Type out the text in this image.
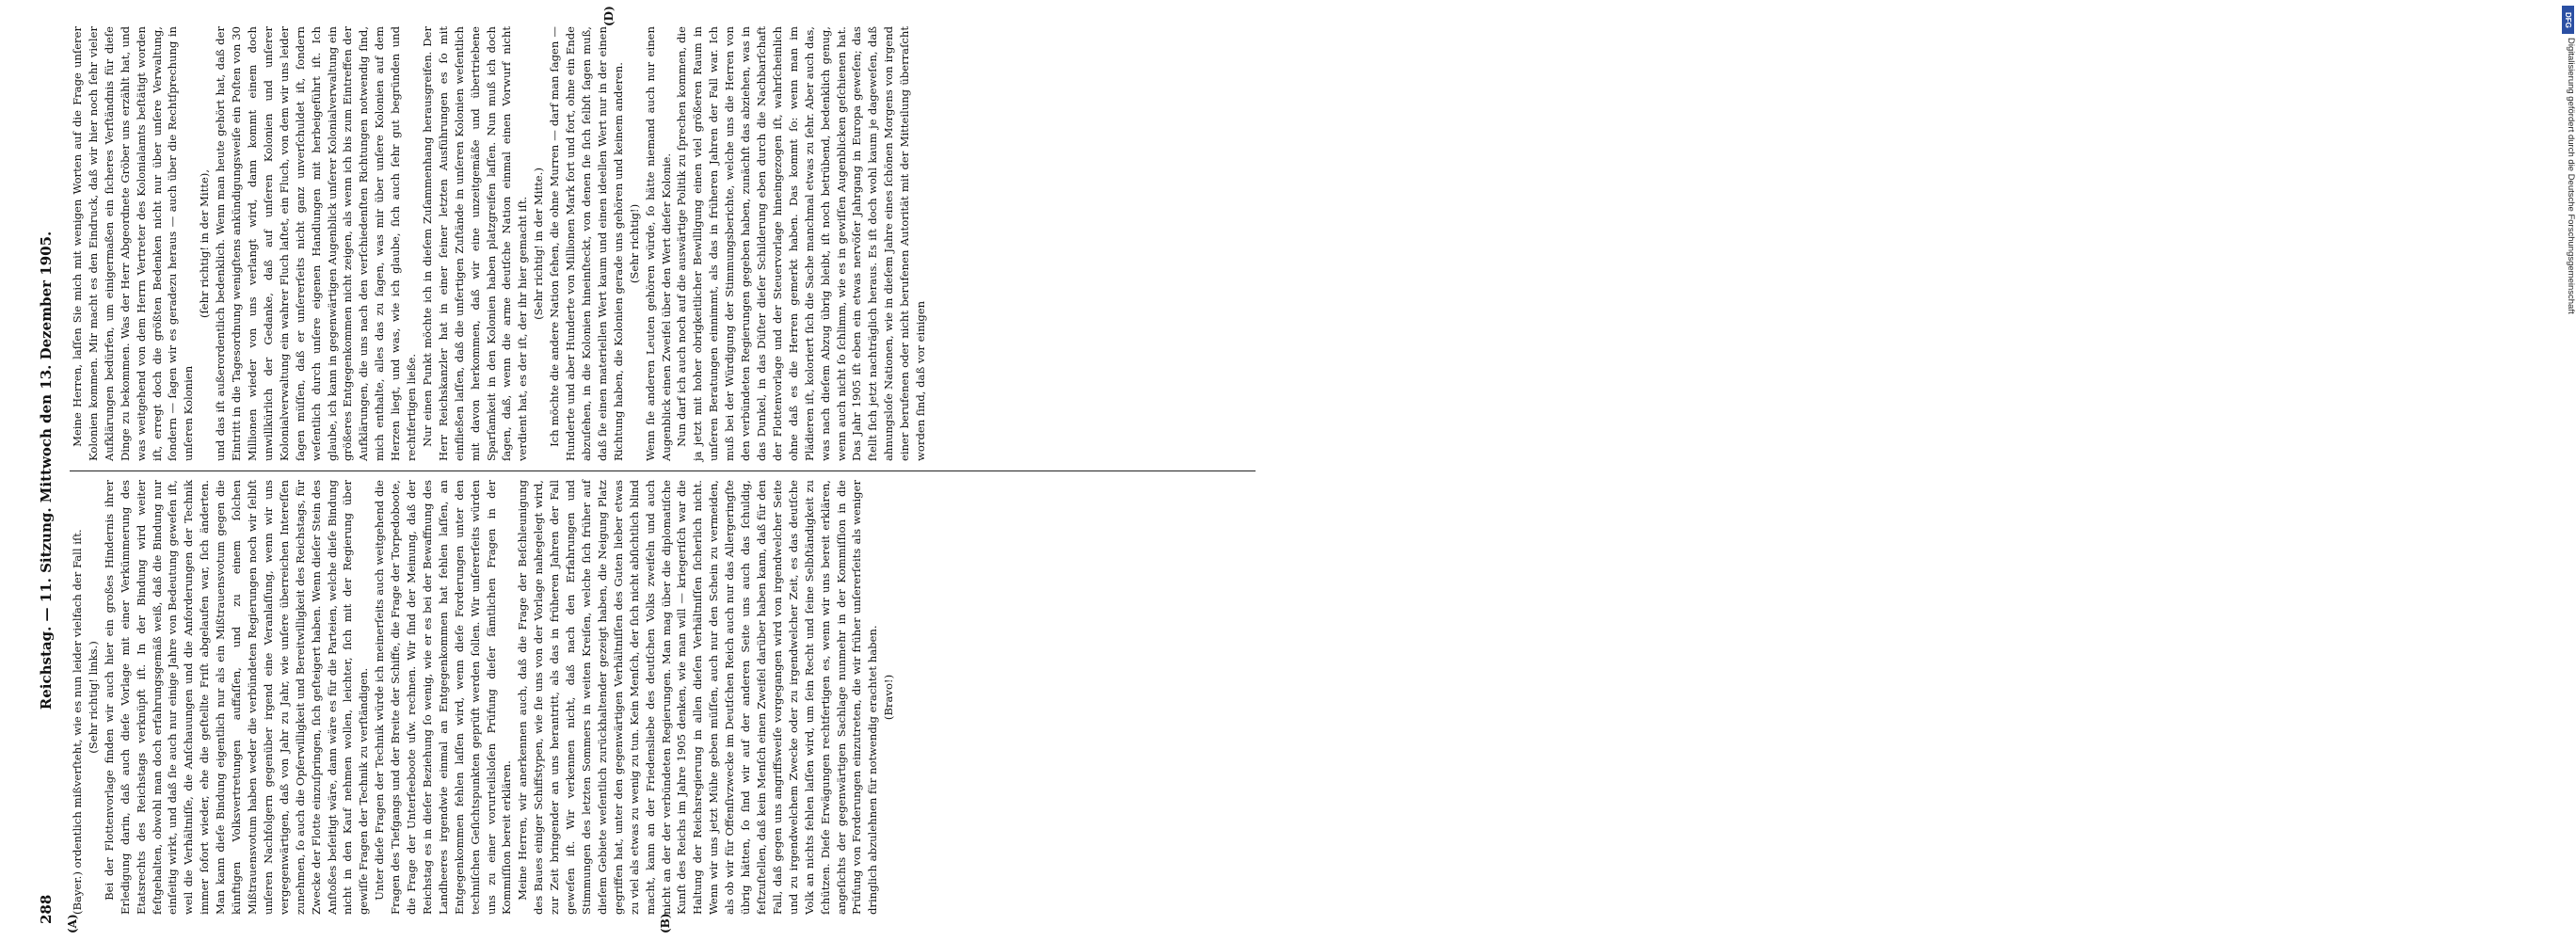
288
Reichstag. — 11. Sitzung. Mittwoch den 13. Dezember 1905.
(A)	(B)
(D)

(Bayer.) ordentlich mißverſteht, wie es nun leider vielfach der Fall iſt. (Sehr richtig! links.) Bei der Flottenvorlage finden wir auch hier ein großes Hindernis ihrer Erledigung darin, daß auch dieſe Vorlage mit einer Verkümmerung des Etatsrechts des Reichstags verknüpft iſt. In der Bindung wird weiter feſtgehalten, obwohl man doch erfahrungsgemäß weiß, daß die Bindung nur einſeitig wirkt, und daß ſie auch nur einige Jahre von Bedeutung geweſen iſt, weil die Verhältniſſe, die Anſchauungen und die Anforderungen der Technik immer ſofort wieder, ehe die geſtellte Friſt abgelaufen war, ſich änderten. Man kann dieſe Bindung eigentlich nur als ein Mißtrauensvotum gegen die künftigen Volksvertretungen auffaſſen, und zu einem ſolchen Mißtrauensvotum haben weder die verbündeten Regierungen noch wir ſelbſt unſeren Nachfolgern gegenüber irgend eine Veranlaſſung, wenn wir uns vergegenwärtigen, daß von Jahr zu Jahr, wie unſere überreichen Intereſſen zunehmen, ſo auch die Opferwilligkeit und Bereitwilligkeit des Reichstags, für Zwecke der Flotte einzuſpringen, ſich geſteigert haben. Wenn dieſer Stein des Anſtoßes beſeitigt wäre, dann wäre es für die Parteien, welche dieſe Bindung nicht in den Kauf nehmen wollen, leichter, ſich mit der Regierung über gewiſſe Fragen der Technik zu verſtändigen. Unter dieſe Fragen der Technik würde ich meinerſeits auch weitgehend die Fragen des Tiefgangs und der Breite der Schiffe, die Frage der Torpedoboote, die Frage der Unterſeeboote uſw. rechnen. Wir ſind der Meinung, daß der Reichstag es in dieſer Beziehung ſo wenig, wie er es bei der Bewaffnung des Landheeres irgendwie einmal an Entgegenkommen hat fehlen laſſen, an Entgegenkommen fehlen laſſen wird, wenn dieſe Forderungen unter den techniſchen Geſichtspunkten geprüft werden ſollen. Wir unſererſeits würden uns zu einer vorurteilsloſen Prüfung dieſer ſämtlichen Fragen in der Kommiſſion bereit erklären. Meine Herren, wir anerkennen auch, daß die Frage der Beſchleunigung des Baues einiger Schiffstypen, wie ſie uns von der Vorlage nahegelegt wird, zur Zeit bringender an uns herantritt, als das in früheren Jahren der Fall geweſen iſt. Wir verkennen nicht, daß nach den Erfahrungen und Stimmungen des letzten Sommers in weiten Kreiſen, welche ſich früher auf dieſem Gebiete weſentlich zurückhaltender gezeigt haben, die Neigung Platz gegriffen hat, unter den gegenwärtigen Verhältniſſen des Guten lieber etwas zu viel als etwas zu wenig zu tun. Kein Menſch, der ſich nicht abſichtlich blind macht, kann an der Friedensliebe des deutſchen Volks zweifeln und auch nicht an der der verbündeten Regierungen. Man mag über die diplomatiſche Kunſt des Reichs im Jahre 1905 denken, wie man will — kriegeriſch war die Haltung der Reichsregierung in allen dieſen Verhältniſſen ſicherlich nicht. Wenn wir uns jetzt Mühe geben müſſen, auch nur den Schein zu vermeiden, als ob wir für Offenſivzwecke im Deutſchen Reich auch nur das Allergeringſte übrig hätten, ſo ſind wir auf der anderen Seite uns auch das ſchuldig, feſtzuſtellen, daß kein Menſch einen Zweifel darüber haben kann, daß für den Fall, daß gegen uns angriffsweiſe vorgegangen wird von irgendwelcher Seite und zu irgendwelchem Zwecke oder zu irgendwelcher Zeit, es das deutſche Volk an nichts fehlen laſſen wird, um ſein Recht und ſeine Selbſtändigkeit zu ſchützen. Dieſe Erwägungen rechtfertigen es, wenn wir uns bereit erklären, angeſichts der gegenwärtigen Sachlage nunmehr in der Kommiſſion in die Prüfung von Forderungen einzutreten, die wir früher unſererſeits als weniger dringlich abzulehnen für notwendig erachtet haben. (Bravo!)

Meine Herren, laſſen Sie mich mit wenigen Worten auf die Frage unſerer Kolonien kommen. Mir macht es den Eindruck, daß wir hier noch ſehr vieler Aufklärungen bedürfen, um einigermaßen ein ſicheres Verſtändnis für dieſe Dinge zu bekommen. Was der Herr Abgeordnete Gröber uns erzählt hat, und was weitgehend von dem Herrn Vertreter des Kolonialamts beſtätigt worden iſt, erregt doch die größten Bedenken nicht nur über unſere Verwaltung, ſondern — ſagen wir es geradezu heraus — auch über die Rechtſprechung in unſeren Kolonien

(ſehr richtig! in der Mitte), und das iſt außerordentlich bedenklich. Wenn man heute gehört hat, daß der Eintritt in die Tagesordnung wenigſtens ankündigungsweiſe ein Poſten von 30 Millionen wieder von uns verlangt wird, dann kommt einem doch unwillkürlich der Gedanke, daß auf unſeren Kolonien und unſerer Kolonialverwaltung ein wahrer Fluch laſtet, ein Fluch, von dem wir uns leider ſagen müſſen, daß er unſererſeits nicht ganz unverſchuldet iſt, ſondern weſentlich durch unſere eigenen Handlungen mit herbeigeführt iſt. Ich glaube, ich kann in gegenwärtigen Augenblick unſerer Kolonialverwaltung ein größeres Entgegenkommen nicht zeigen, als wenn ich bis zum Eintreffen der Aufklärungen, die uns nach den verſchiedenſten Richtungen notwendig ſind, mich enthalte, alles das zu ſagen, was mir über unſere Kolonien auf dem Herzen liegt, und was, wie ich glaube, ſich auch ſehr gut begründen und rechtfertigen ließe. Nur einen Punkt möchte ich in dieſem Zuſammenhang herausgreifen. Der Herr Reichskanzler hat in einer ſeiner letzten Ausführungen es ſo mit einfließen laſſen, daß die unfertigen Zuſtände in unſeren Kolonien weſentlich mit davon herkommen, daß wir eine unzeitgemäße und übertriebene Sparſamkeit in den Kolonien haben platzgreifen laſſen. Nun muß ich doch ſagen, daß, wenn die arme deutſche Nation einmal einen Vorwurf nicht verdient hat, es der iſt, der ihr hier gemacht iſt. (Sehr richtig! in der Mitte.) Ich möchte die andere Nation ſehen, die ohne Murren — darf man ſagen — Hunderte und aber Hunderte von Millionen Mark fort und fort, ohne ein Ende abzuſehen, in die Kolonien hineinſteckt, von denen ſie ſich ſelbſt ſagen muß, daß ſie einen materiellen Wert kaum und einen ideellen Wert nur in der einen Richtung haben, die Kolonien gerade uns gehören und keinem anderen. (Sehr richtig!) Wenn ſie anderen Leuten gehören würde, ſo hätte niemand auch nur einen Augenblick einen Zweifel über den Wert dieſer Kolonie. Nun darf ich auch noch auf die auswärtige Politik zu ſprechen kommen, die ja jetzt mit hoher obrigkeitlicher Bewilligung einen viel größeren Raum in unſeren Beratungen einnimmt, als das in früheren Jahren der Fall war. Ich muß bei der Würdigung der Stimmungsberichte, welche uns die Herren von den verbündeten Regierungen gegeben haben, zunächſt das abziehen, was in das Dunkel, in das Düſter dieſer Schilderung eben durch die Nachbarſchaft der Flottenvorlage und der Steuervorlage hineingezogen iſt, wahrſcheinlich ohne daß es die Herren gemerkt haben. Das kommt ſo: wenn man im Plädieren iſt, koloriert ſich die Sache manchmal etwas zu ſehr. Aber auch das, was nach dieſem Abzug übrig bleibt, iſt noch betrübend, bedenklich genug, wenn auch nicht ſo ſchlimm, wie es in gewiſſen Augenblicken geſchienen hat. Das Jahr 1905 iſt eben ein etwas nervöſer Jahrgang in Europa geweſen; das ſtellt ſich jetzt nachträglich heraus. Es iſt doch wohl kaum je dageweſen, daß ahnungsloſe Nationen, wie in dieſem Jahre eines ſchönen Morgens von irgend einer berufenen oder nicht berufenen Autorität mit der Mitteilung überraſcht worden ſind, daß vor einigen

DFG
Digitalisierung gefördert durch die Deutsche Forschungsgemeinschaft
